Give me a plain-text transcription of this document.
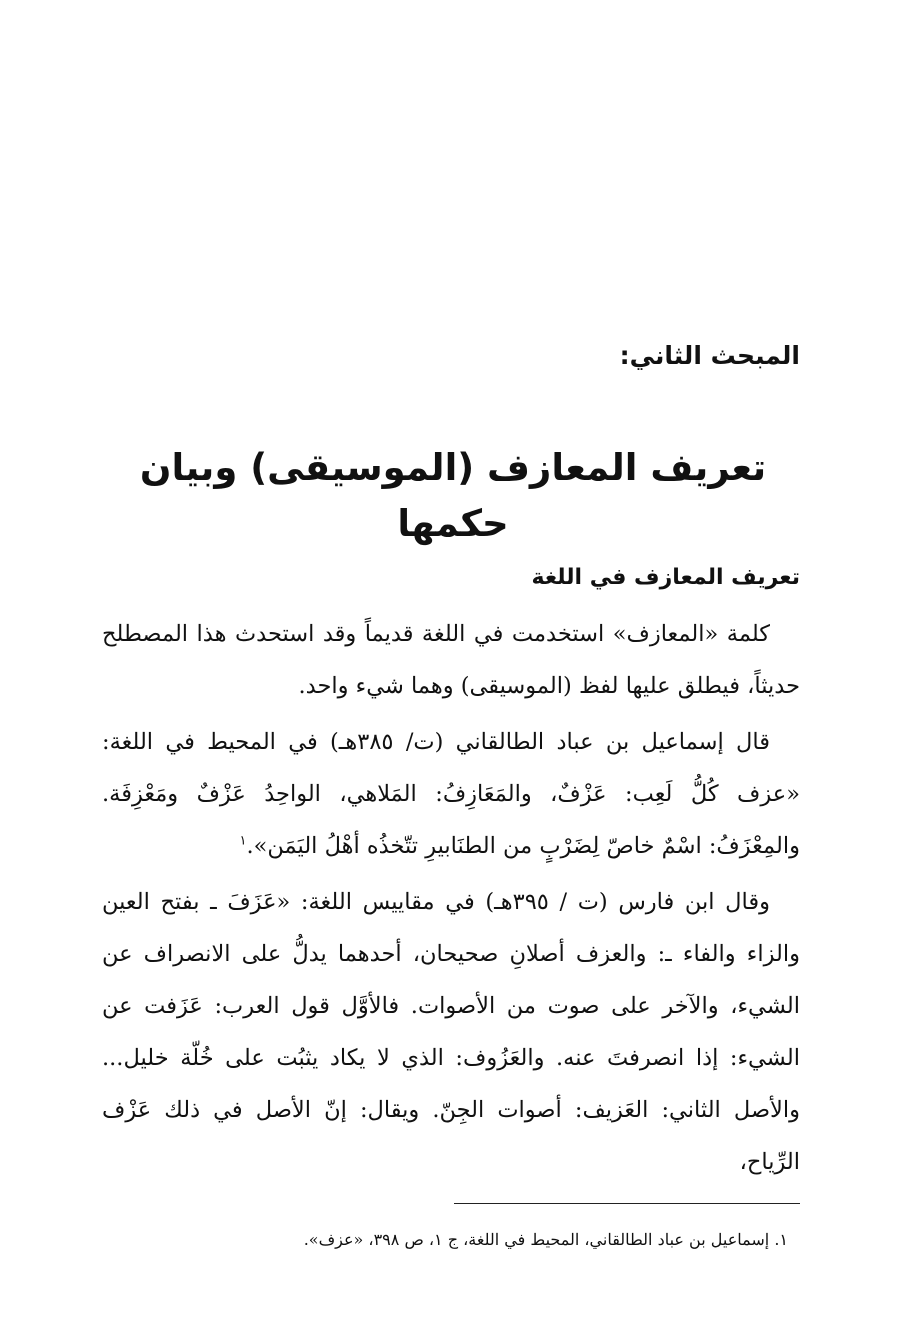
المبحث الثاني:
تعريف المعازف (الموسيقى) وبيان حكمها
تعريف المعازف في اللغة

كلمة «المعازف» استخدمت في اللغة قديماً وقد استحدث هذا المصطلح حديثاً، فيطلق عليها لفظ (الموسيقى) وهما شيء واحد.

قال إسماعيل بن عباد الطالقاني (ت/ ٣٨٥هـ) في المحيط في اللغة: «عزف كُلُّ لَعِب: عَزْفٌ، والمَعَازِفُ: المَلاهي، الواحِدُ عَزْفٌ ومَعْزِفَة. والمِعْزَفُ: اسْمٌ خاصّ لِضَرْبٍ من الطنَابيرِ تتّخذُه أهْلُ اليَمَن».$^١$

وقال ابن فارس (ت / ٣٩٥هـ) في مقاييس اللغة: «عَزَفَ ـ بفتح العين والزاء والفاء ـ: والعزف أصلانِ صحيحان، أحدهما يدلُّ على الانصراف عن الشيء، والآخر على صوت من الأصوات. فالأوَّل قول العرب: عَزَفت عن الشيء: إذا انصرفتَ عنه. والعَزُوف: الذي لا يكاد يثبُت على خُلّة خليل... والأصل الثاني: العَزيف: أصوات الجِنّ. ويقال: إنّ الأصل في ذلك عَزْف الرِّياح،

١. إسماعيل بن عباد الطالقاني، المحيط في اللغة، ج ١، ص ٣٩٨، «عزف».
